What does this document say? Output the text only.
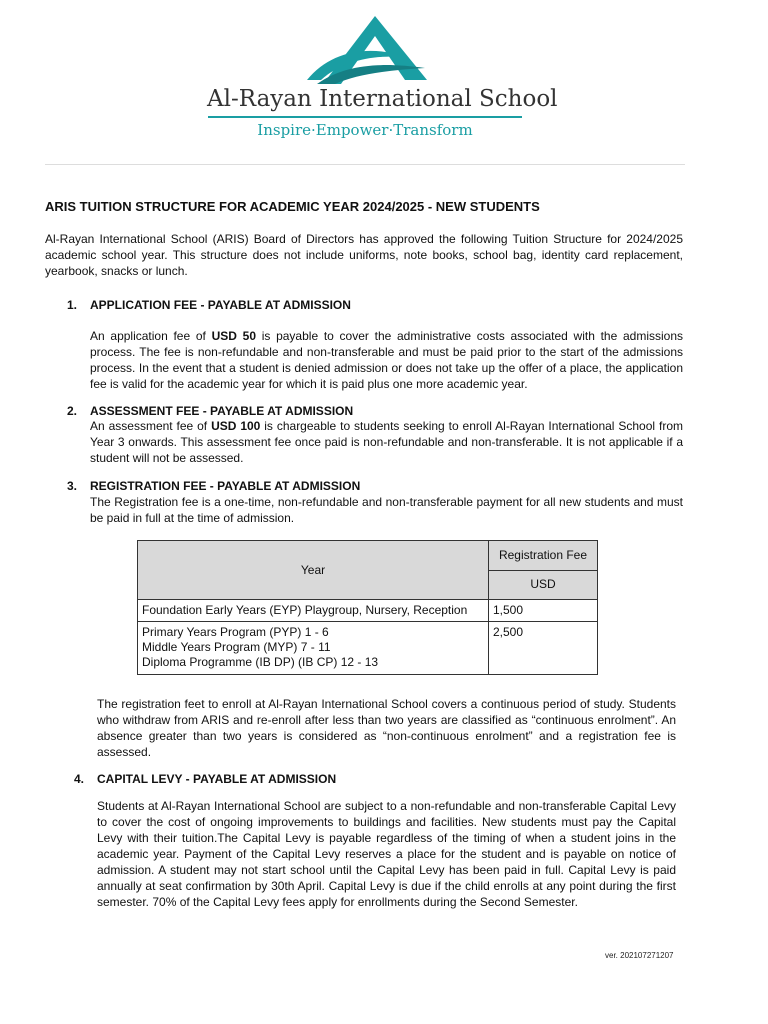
Al-Rayan International School
Inspire·Empower·Transform
ARIS TUITION STRUCTURE FOR ACADEMIC YEAR 2024/2025 - NEW STUDENTS

Al-Rayan International School (ARIS) Board of Directors has approved the following Tuition Structure for 2024/2025 academic school year. This structure does not include uniforms, note books, school bag, identity card replacement, yearbook, snacks or lunch.

1. APPLICATION FEE - PAYABLE AT ADMISSION

An application fee of USD 50 is payable to cover the administrative costs associated with the admissions process. The fee is non-refundable and non-transferable and must be paid prior to the start of the admissions process. In the event that a student is denied admission or does not take up the offer of a place, the application fee is valid for the academic year for which it is paid plus one more academic year.

2. ASSESSMENT FEE - PAYABLE AT ADMISSION

An assessment fee of USD 100 is chargeable to students seeking to enroll Al-Rayan International School from Year 3 onwards. This assessment fee once paid is non-refundable and non-transferable. It is not applicable if a student will not be assessed.

3. REGISTRATION FEE - PAYABLE AT ADMISSION

The Registration fee is a one-time, non-refundable and non-transferable payment for all new students and must be paid in full at the time of admission.

Year	Registration Fee
	USD
Foundation Early Years (EYP) Playgroup, Nursery, Reception	1,500

Primary Years Program (PYP) 1 - 6
Middle Years Program (MYP) 7 - 11
Diploma Programme (IB DP) (IB CP) 12 - 13	2,500

The registration feet to enroll at Al-Rayan International School covers a continuous period of study. Students who withdraw from ARIS and re-enroll after less than two years are classified as “continuous enrolment”. An absence greater than two years is considered as “non-continuous enrolment” and a registration fee is assessed.

4. CAPITAL LEVY - PAYABLE AT ADMISSION

Students at Al-Rayan International School are subject to a non-refundable and non-transferable Capital Levy to cover the cost of ongoing improvements to buildings and facilities. New students must pay the Capital Levy with their tuition.The Capital Levy is payable regardless of the timing of when a student joins in the academic year. Payment of the Capital Levy reserves a place for the student and is payable on notice of admission. A student may not start school until the Capital Levy has been paid in full. Capital Levy is paid annually at seat confirmation by 30th April. Capital Levy is due if the child enrolls at any point during the first semester. 70% of the Capital Levy fees apply for enrollments during the Second Semester.

ver. 202107271207
